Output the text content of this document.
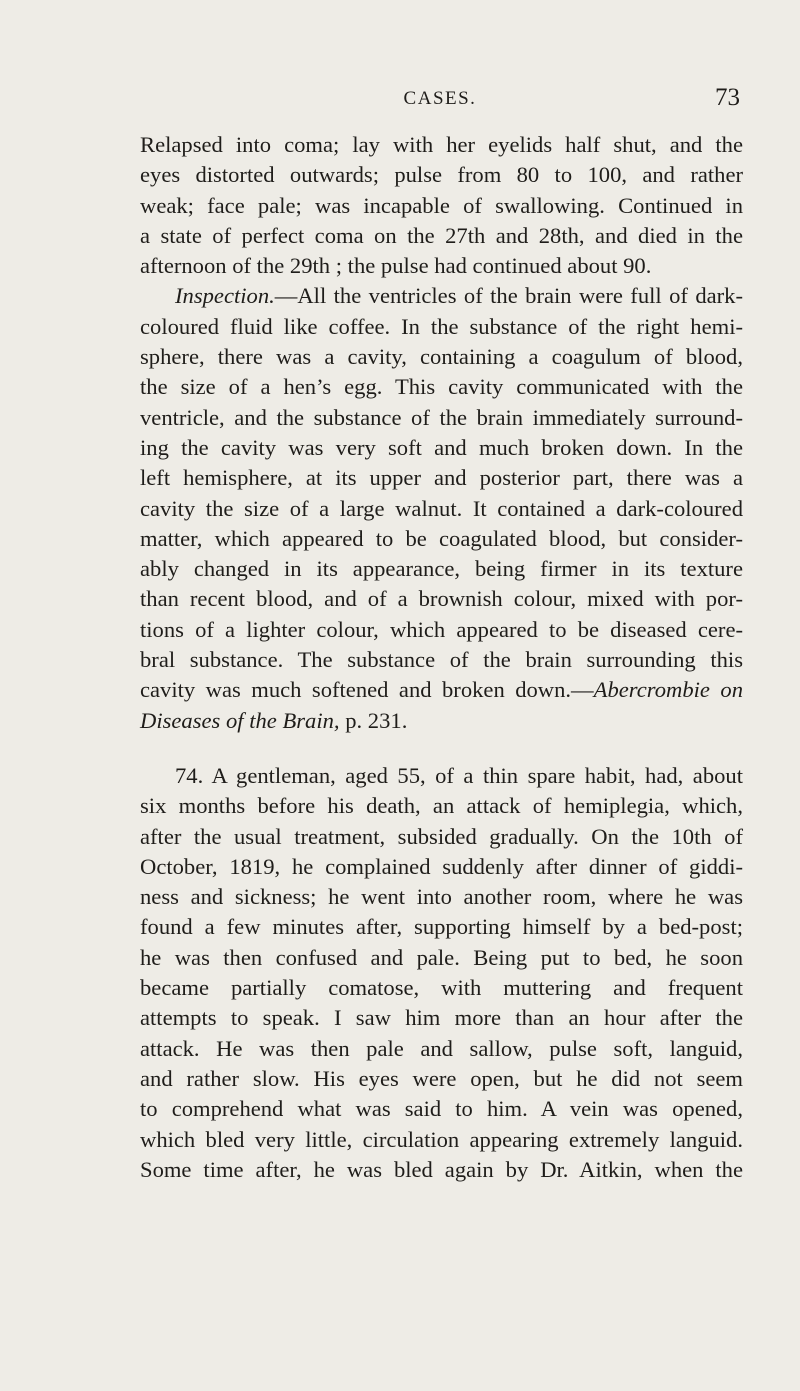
CASES.	73
Relapsed into coma; lay with her eyelids half shut, and the
eyes distorted outwards; pulse from 80 to 100, and rather
weak; face pale; was incapable of swallowing. Continued in
a state of perfect coma on the 27th and 28th, and died in the
afternoon of the 29th ; the pulse had continued about 90.
Inspection.—All the ventricles of the brain were full of dark-
coloured fluid like coffee. In the substance of the right hemi-
sphere, there was a cavity, containing a coagulum of blood,
the size of a hen’s egg. This cavity communicated with the
ventricle, and the substance of the brain immediately surround-
ing the cavity was very soft and much broken down. In the
left hemisphere, at its upper and posterior part, there was a
cavity the size of a large walnut. It contained a dark-coloured
matter, which appeared to be coagulated blood, but consider-
ably changed in its appearance, being firmer in its texture
than recent blood, and of a brownish colour, mixed with por-
tions of a lighter colour, which appeared to be diseased cere-
bral substance. The substance of the brain surrounding this
cavity was much softened and broken down.—Abercrombie on
Diseases of the Brain, p. 231.
74. A gentleman, aged 55, of a thin spare habit, had, about
six months before his death, an attack of hemiplegia, which,
after the usual treatment, subsided gradually. On the 10th of
October, 1819, he complained suddenly after dinner of giddi-
ness and sickness; he went into another room, where he was
found a few minutes after, supporting himself by a bed-post;
he was then confused and pale. Being put to bed, he soon
became partially comatose, with muttering and frequent
attempts to speak. I saw him more than an hour after the
attack. He was then pale and sallow, pulse soft, languid,
and rather slow. His eyes were open, but he did not seem
to comprehend what was said to him. A vein was opened,
which bled very little, circulation appearing extremely languid.
Some time after, he was bled again by Dr. Aitkin, when the
